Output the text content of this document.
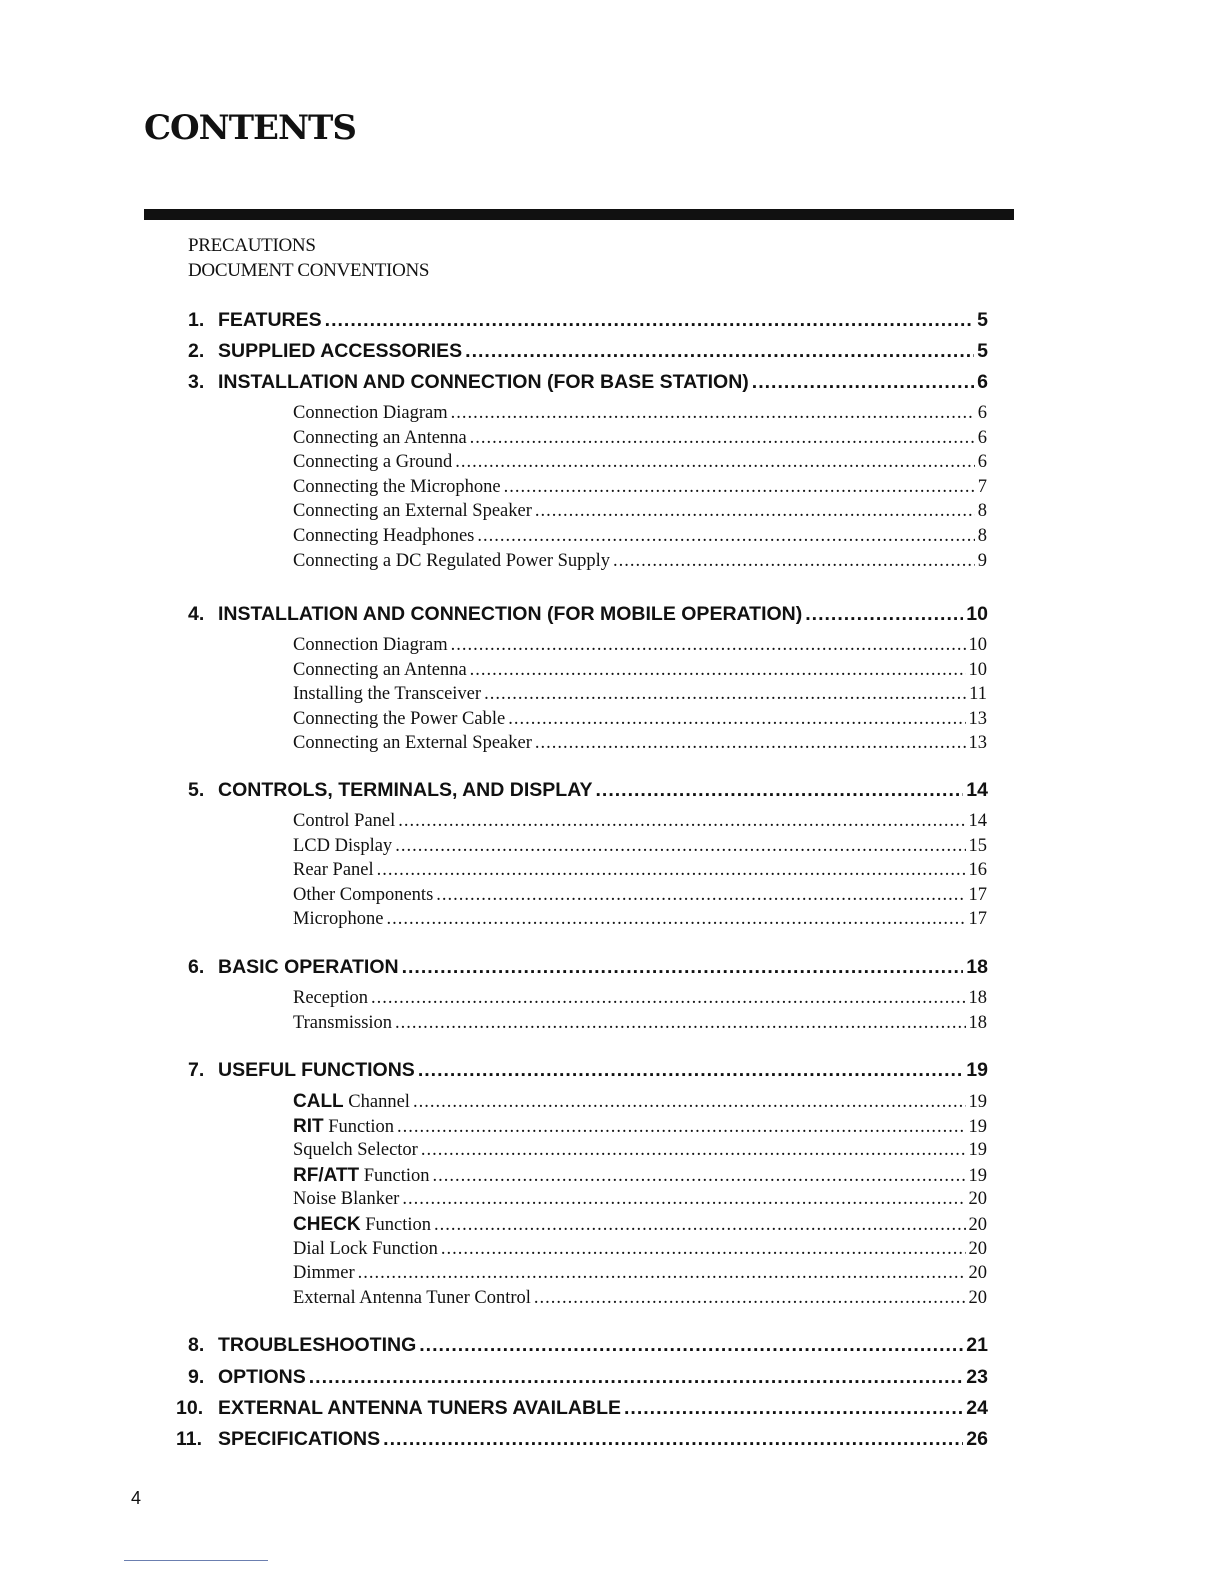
CONTENTS
PRECAUTIONS
DOCUMENT CONVENTIONS
1. FEATURES .....	5
2. SUPPLIED ACCESSORIES .....	5
3. INSTALLATION AND CONNECTION (FOR BASE STATION) .....	6
Connection Diagram .....	6
Connecting an Antenna .....	6
Connecting a Ground .....	6
Connecting the Microphone .....	7
Connecting an External Speaker .....	8
Connecting Headphones .....	8
Connecting a DC Regulated Power Supply .....	9
4. INSTALLATION AND CONNECTION (FOR MOBILE OPERATION) .....	10
Connection Diagram .....	10
Connecting an Antenna .....	10
Installing the Transceiver .....	11
Connecting the Power Cable .....	13
Connecting an External Speaker .....	13
5. CONTROLS, TERMINALS, AND DISPLAY .....	14
Control Panel .....	14
LCD Display .....	15
Rear Panel .....	16
Other Components .....	17
Microphone .....	17
6. BASIC OPERATION .....	18
Reception .....	18
Transmission .....	18
7. USEFUL FUNCTIONS .....	19
CALL Channel .....	19
RIT Function .....	19
Squelch Selector .....	19
RF/ATT Function .....	19
Noise Blanker .....	20
CHECK Function .....	20
Dial Lock Function .....	20
Dimmer .....	20
External Antenna Tuner Control .....	20
8. TROUBLESHOOTING .....	21
9. OPTIONS .....	23
10. EXTERNAL ANTENNA TUNERS AVAILABLE .....	24
11. SPECIFICATIONS .....	26
4
